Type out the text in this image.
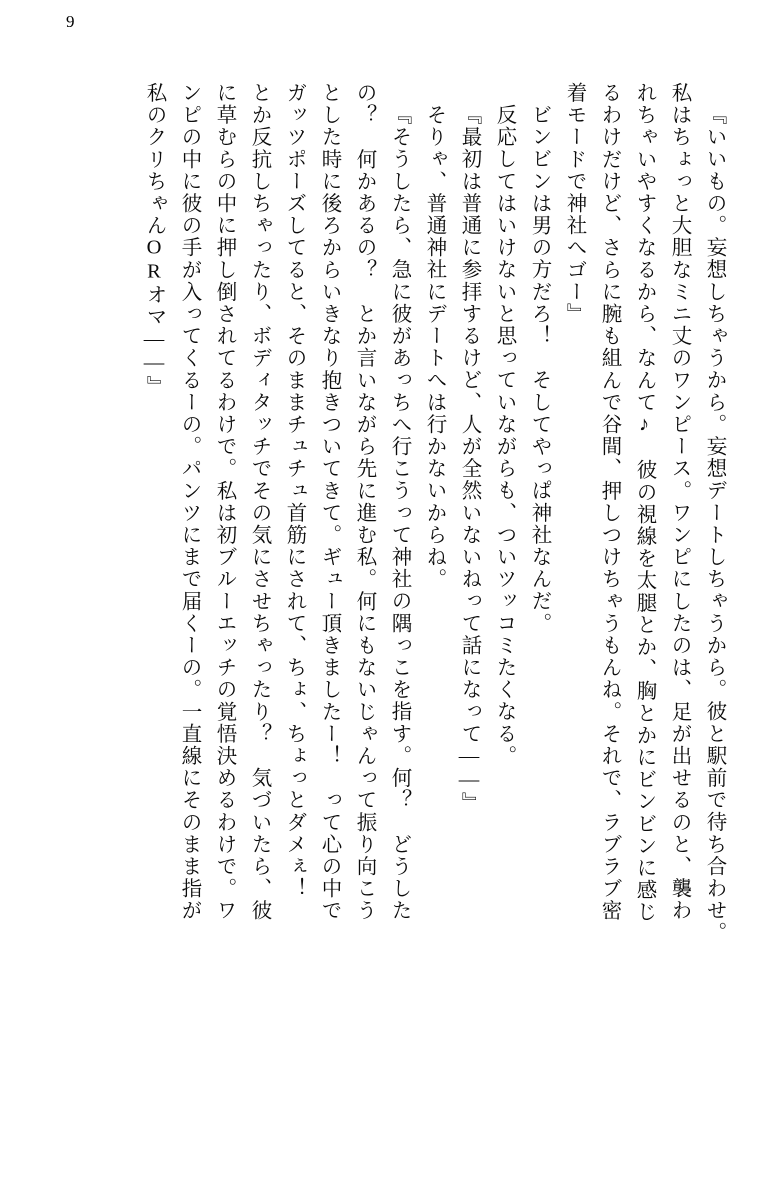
9
『いいもの。妄想しちゃうから。妄想デートしちゃうから。彼と駅前で待ち合わせ。
私はちょっと大胆なミニ丈のワンピース。ワンピにしたのは、足が出せるのと、襲わ
れちゃいやすくなるから、なんて♪　彼の視線を太腿とか、胸とかにビンビンに感じ
るわけだけど、さらに腕も組んで谷間、押しつけちゃうもんね。それで、ラブラブ密
着モードで神社へゴー』
ビンビンは男の方だろ！　そしてやっぱ神社なんだ。
反応してはいけないと思っていながらも、ついツッコミたくなる。
『最初は普通に参拝するけど、人が全然いないねって話になって――』
そりゃ、普通神社にデートへは行かないからね。
『そうしたら、急に彼があっちへ行こうって神社の隅っこを指す。何？　どうした
の？　何かあるの？　とか言いながら先に進む私。何にもないじゃんって振り向こう
とした時に後ろからいきなり抱きついてきて。ギュー頂きましたー！　って心の中で
ガッツポーズしてると、そのままチュチュ首筋にされて、ちょ、ちょっとダメぇ！
とか反抗しちゃったり、ボディタッチでその気にさせちゃったり？　気づいたら、彼
に草むらの中に押し倒されてるわけで。私は初ブルーエッチの覚悟決めるわけで。ワ
ンピの中に彼の手が入ってくるーの。パンツにまで届くーの。一直線にそのまま指が
私のクリちゃんORオマ――』
